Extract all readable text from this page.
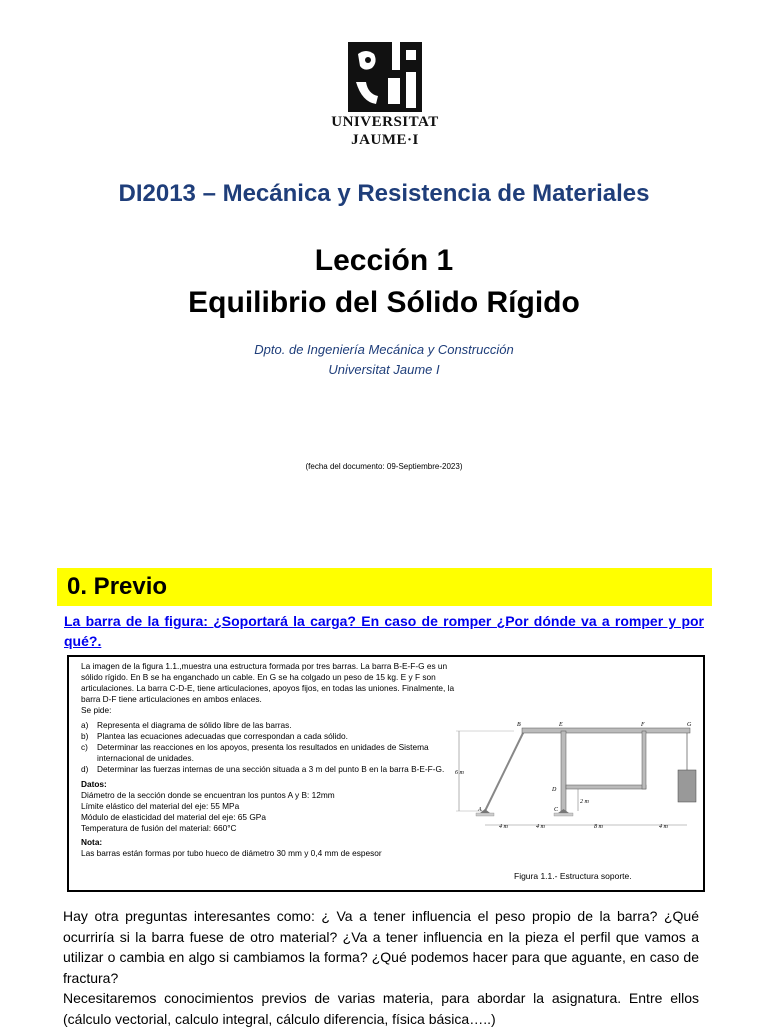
UNIVERSITAT
JAUME·I
DI2013 – Mecánica y Resistencia de Materiales
Lección 1
Equilibrio del Sólido Rígido
Dpto. de Ingeniería Mecánica y Construcción
Universitat Jaume I
(fecha del documento: 09-Septiembre-2023)
0. Previo
La barra de la figura: ¿Soportará la carga? En caso de romper ¿Por dónde va a romper y por qué?.

La imagen de la figura 1.1.,muestra una estructura formada por tres barras. La barra B-E-F-G es un sólido rígido. En B se ha enganchado un cable. En G se ha colgado un peso de 15 kg. E y F son articulaciones. La barra C-D-E, tiene articulaciones, apoyos fijos, en todas las uniones. Finalmente, la barra D-F tiene articulaciones en ambos enlaces.

Se pide:

a) Representa el diagrama de sólido libre de las barras.
b) Plantea las ecuaciones adecuadas que correspondan a cada sólido.
c) Determinar las reacciones en los apoyos, presenta los resultados en unidades de Sistema internacional de unidades.
d) Determinar las fuerzas internas de una sección situada a 3 m del punto B en la barra B-E-F-G.

Datos:

Diámetro de la sección donde se encuentran los puntos A y B: 12mm

Límite elástico del material del eje: 55 MPa

Módulo de elasticidad del material del eje: 65 GPa

Temperatura de fusión del material: 660°C

Nota:

Las barras están formas por tubo hueco de diámetro 30 mm y 0,4 mm de espesor

6 m
2 m
B	E	F	G
D
A	C
4 m	4 m	8 m	4 m
Figura 1.1.- Estructura soporte.
Hay otra preguntas interesantes como: ¿ Va a tener influencia el peso propio de la barra? ¿Qué ocurriría si la barra fuese de otro material? ¿Va a tener influencia en la pieza el perfil que vamos a utilizar o cambia en algo si cambiamos la forma? ¿Qué podemos hacer para que aguante, en caso de fractura?
Necesitaremos conocimientos previos de varias materia, para abordar la asignatura. Entre ellos (cálculo vectorial, calculo integral, cálculo diferencia, física básica…..)
